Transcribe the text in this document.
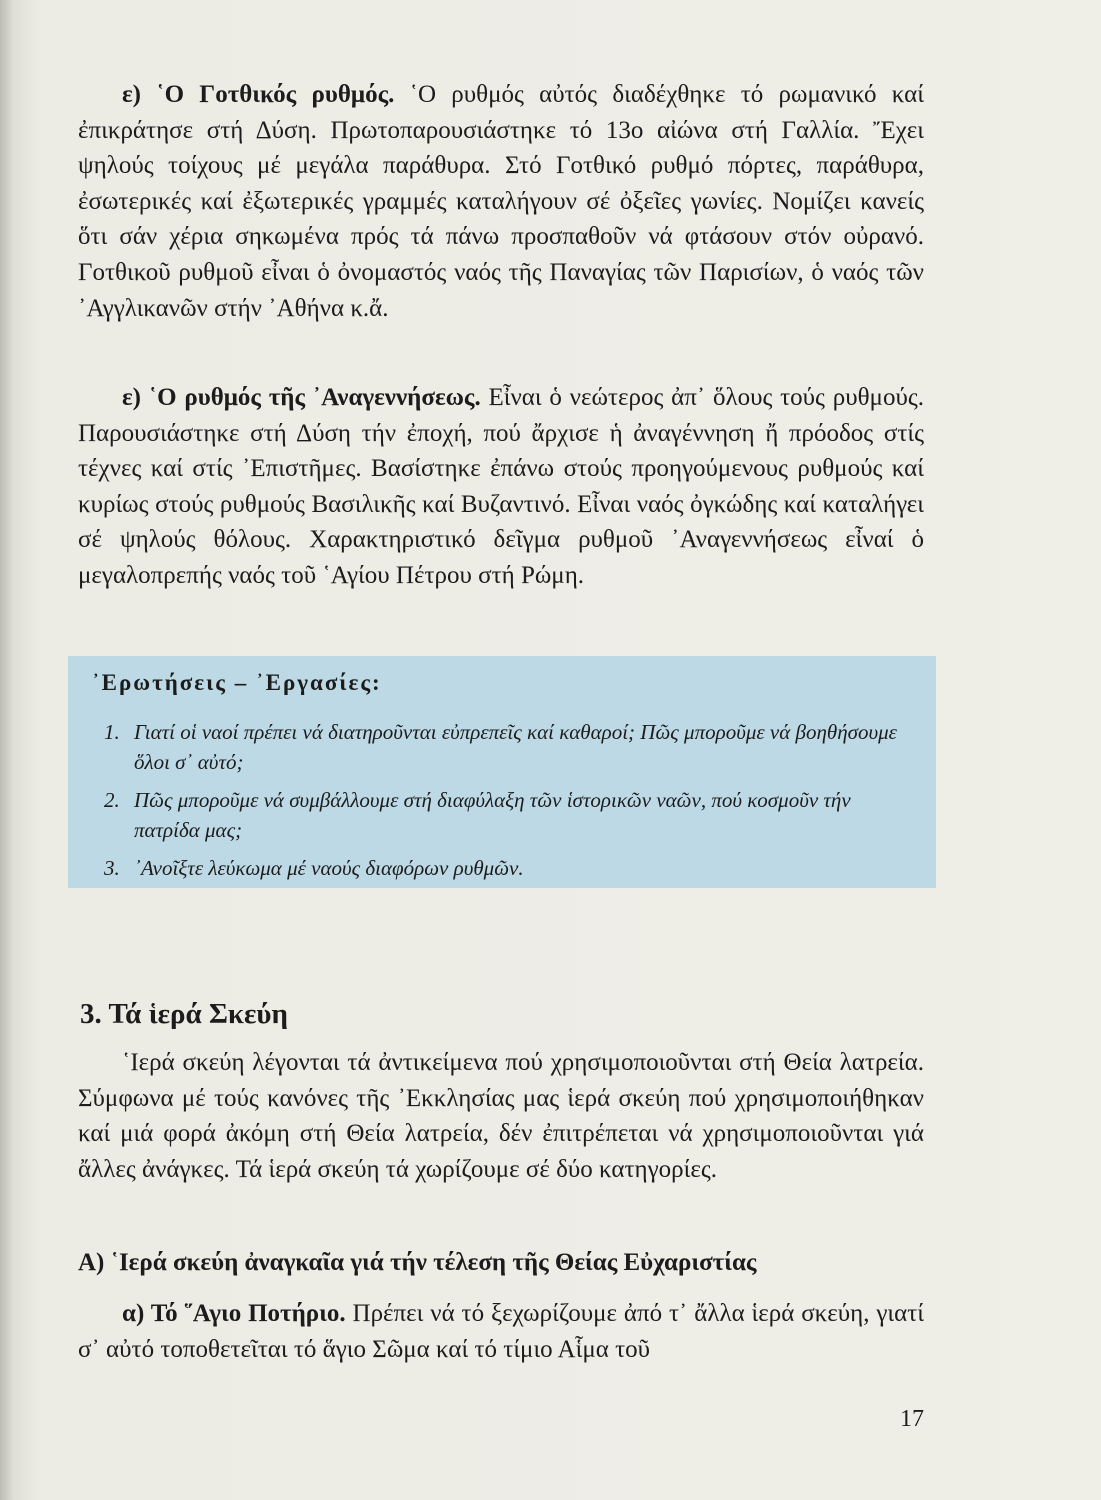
ε) ῾Ο Γοτθικός ρυθμός. ῾Ο ρυθμός αὐτός διαδέχθηκε τό ρωμανικό καί ἐπικράτησε στή Δύση. Πρωτοπαρουσιάστηκε τό 13ο αἰώνα στή Γαλλία. Ἔχει ψηλούς τοίχους μέ μεγάλα παράθυρα. Στό Γοτθικό ρυθμό πόρτες, παράθυρα, ἐσωτερικές καί ἐξωτερικές γραμμές καταλήγουν σέ ὀξεῖες γωνίες. Νομίζει κανείς ὅτι σάν χέρια σηκωμένα πρός τά πάνω προσπαθοῦν νά φτάσουν στόν οὐρανό. Γοτθικοῦ ρυθμοῦ εἶναι ὁ ὀνομαστός ναός τῆς Παναγίας τῶν Παρισίων, ὁ ναός τῶν ᾿Αγγλικανῶν στήν ᾿Αθήνα κ.ἄ.

ε) ῾Ο ρυθμός τῆς ᾿Αναγεννήσεως. Εἶναι ὁ νεώτερος ἀπ᾿ ὅλους τούς ρυθμούς. Παρουσιάστηκε στή Δύση τήν ἐποχή, πού ἄρχισε ἡ ἀναγέννηση ἤ πρόοδος στίς τέχνες καί στίς ᾿Επιστῆμες. Βασίστηκε ἐπάνω στούς προηγούμενους ρυθμούς καί κυρίως στούς ρυθμούς Βασιλικῆς καί Βυζαντινό. Εἶναι ναός ὀγκώδης καί καταλήγει σέ ψηλούς θόλους. Χαρακτηριστικό δεῖγμα ρυθμοῦ ᾿Αναγεννήσεως εἶναί ὁ μεγαλοπρεπής ναός τοῦ ῾Αγίου Πέτρου στή Ρώμη.

᾿Ερωτήσεις – ᾿Εργασίες:
1. Γιατί οἱ ναοί πρέπει νά διατηροῦνται εὐπρεπεῖς καί καθαροί; Πῶς μποροῦμε νά βοηθήσουμε ὅλοι σ᾿ αὐτό;
2. Πῶς μποροῦμε νά συμβάλλουμε στή διαφύλαξη τῶν ἱστορικῶν ναῶν, πού κοσμοῦν τήν πατρίδα μας;
3. ᾿Ανοῖξτε λεύκωμα μέ ναούς διαφόρων ρυθμῶν.
3. Τά ἱερά Σκεύη

῾Ιερά σκεύη λέγονται τά ἀντικείμενα πού χρησιμοποιοῦνται στή Θεία λατρεία. Σύμφωνα μέ τούς κανόνες τῆς ᾿Εκκλησίας μας ἱερά σκεύη πού χρησιμοποιήθηκαν καί μιά φορά ἀκόμη στή Θεία λατρεία, δέν ἐπιτρέπεται νά χρησιμοποιοῦνται γιά ἄλλες ἀνάγκες. Τά ἱερά σκεύη τά χωρίζουμε σέ δύο κατηγορίες.

Α) ῾Ιερά σκεύη ἀναγκαῖα γιά τήν τέλεση τῆς Θείας Εὐχαριστίας

α) Τό ῞Αγιο Ποτήριο. Πρέπει νά τό ξεχωρίζουμε ἀπό τ᾿ ἄλλα ἱερά σκεύη, γιατί σ᾿ αὐτό τοποθετεῖται τό ἅγιο Σῶμα καί τό τίμιο Αἷμα τοῦ

17
